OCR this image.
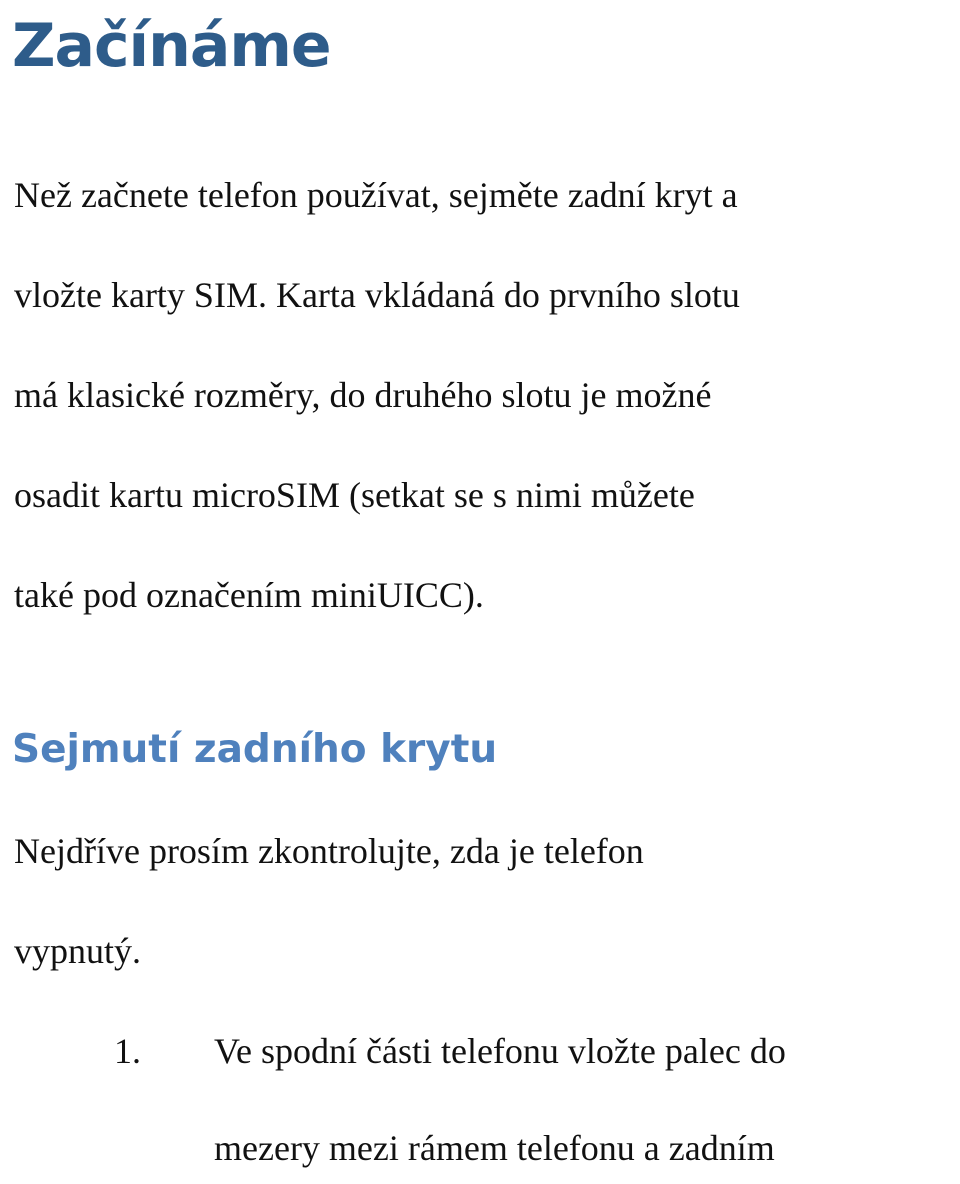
Začínáme

Než začnete telefon používat, sejměte zadní kryt a

vložte karty SIM. Karta vkládaná do prvního slotu

má klasické rozměry, do druhého slotu je možné

osadit kartu microSIM (setkat se s nimi můžete

také pod označením miniUICC).

Sejmutí zadního krytu

Nejdříve prosím zkontrolujte, zda je telefon

vypnutý.

1. Ve spodní části telefonu vložte palec do

mezery mezi rámem telefonu a zadním
